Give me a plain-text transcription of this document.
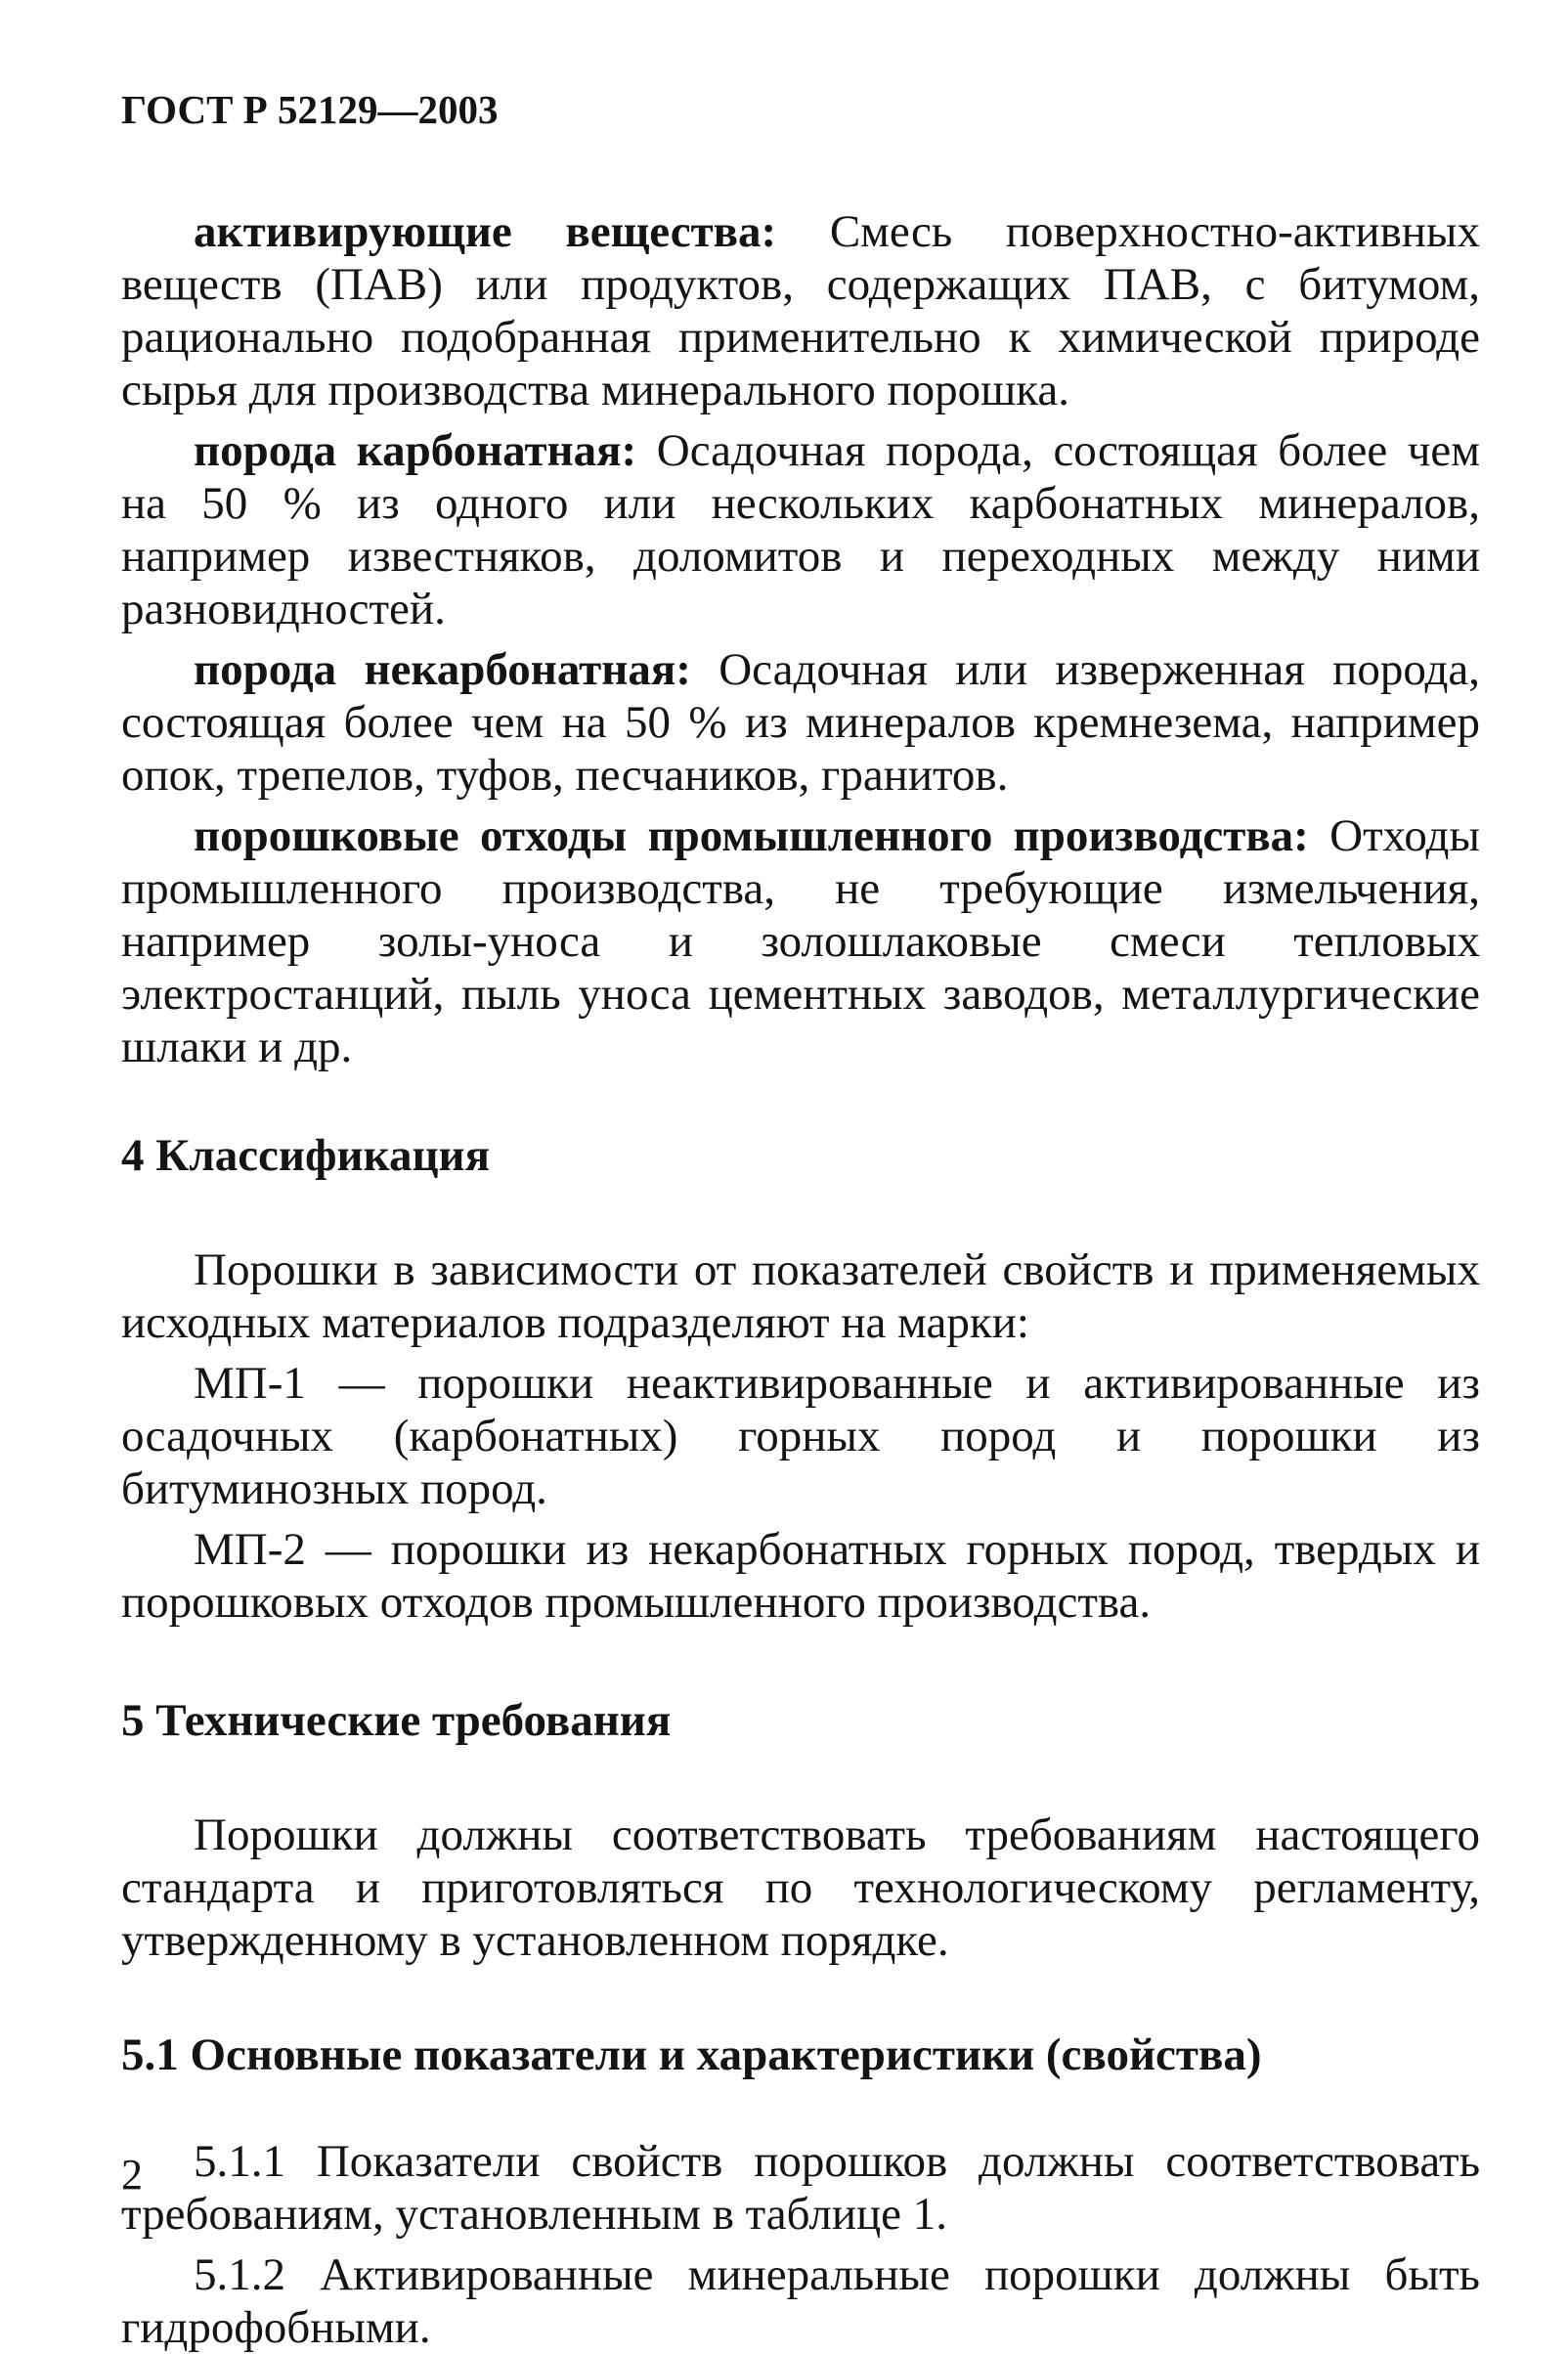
ГОСТ Р 52129—2003

активирующие вещества: Смесь поверхностно-активных веществ (ПАВ) или продуктов, содержащих ПАВ, с битумом, рационально подобранная применительно к химической природе сырья для производства минерального порошка.

порода карбонатная: Осадочная порода, состоящая более чем на 50 % из одного или нескольких карбонатных минералов, например известняков, доломитов и переходных между ними разновидностей.

порода некарбонатная: Осадочная или изверженная порода, состоящая более чем на 50 % из минералов кремнезема, например опок, трепелов, туфов, песчаников, гранитов.

порошковые отходы промышленного производства: Отходы промышленного производства, не требующие измельчения, например золы-уноса и золошлаковые смеси тепловых электростанций, пыль уноса цементных заводов, металлургические шлаки и др.

4 Классификация

Порошки в зависимости от показателей свойств и применяемых исходных материалов подразделяют на марки:

МП-1 — порошки неактивированные и активированные из осадочных (карбонатных) горных пород и порошки из битуминозных пород.

МП-2 — порошки из некарбонатных горных пород, твердых и порошковых отходов промышленного производства.

5 Технические требования

Порошки должны соответствовать требованиям настоящего стандарта и приготовляться по технологическому регламенту, утвержденному в установленном порядке.

5.1 Основные показатели и характеристики (свойства)

5.1.1 Показатели свойств порошков должны соответствовать требованиям, установленным в таблице 1.

5.1.2 Активированные минеральные порошки должны быть гидрофобными.

2
